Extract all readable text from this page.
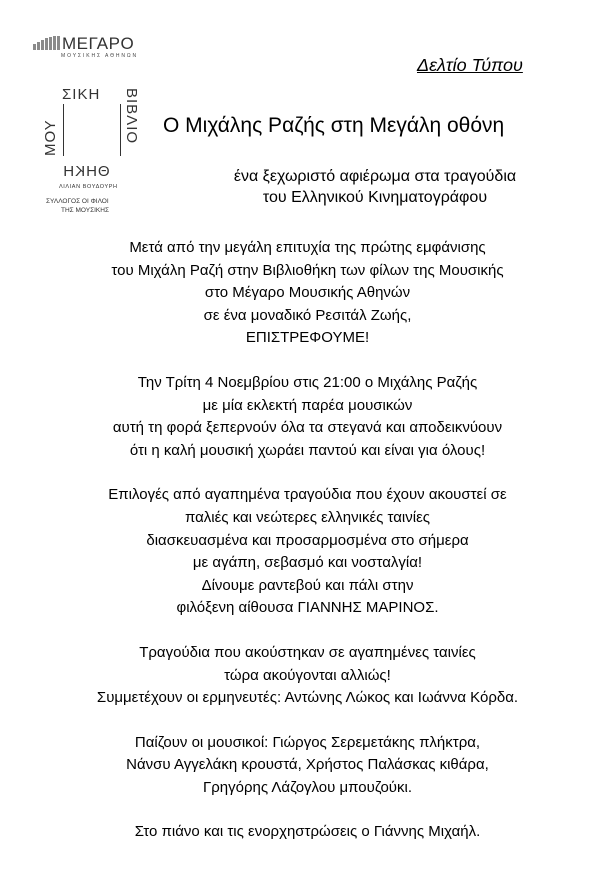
ΜΕΓΑΡΟ
ΜΟΥΣΙΚΗΣ ΑΘΗΝΩΝ
ΜΟΥ
ΣΙΚΗ ΒΙΒΛΙΟ
ΘΗΚΗ
ΛΙΛΙΑΝ ΒΟΥΔΟΥΡΗ
ΣΥΛΛΟΓΟΣ ΟΙ ΦΙΛΟΙ
ΤΗΣ ΜΟΥΣΙΚΗΣ
Δελτίο Τύπου
Ο Μιχάλης Ραζής στη Μεγάλη οθόνη
ένα ξεχωριστό αφιέρωμα στα τραγούδια
του Ελληνικού Κινηματογράφου

Μετά από την μεγάλη επιτυχία της πρώτης εμφάνισης
του Μιχάλη Ραζή στην Βιβλιοθήκη των φίλων της Μουσικής
στο Μέγαρο Μουσικής Αθηνών
σε ένα μοναδικό Ρεσιτάλ Ζωής,
ΕΠΙΣΤΡΕΦΟΥΜΕ!

Την Τρίτη 4 Νοεμβρίου στις 21:00 ο Μιχάλης Ραζής
με μία εκλεκτή παρέα μουσικών
αυτή τη φορά ξεπερνούν όλα τα στεγανά και αποδεικνύουν
ότι η καλή μουσική χωράει παντού και είναι για όλους!

Επιλογές από αγαπημένα τραγούδια που έχουν ακουστεί σε
παλιές και νεώτερες ελληνικές ταινίες
διασκευασμένα και προσαρμοσμένα στο σήμερα
με αγάπη, σεβασμό και νοσταλγία!
Δίνουμε ραντεβού και πάλι στην
φιλόξενη αίθουσα ΓΙΑΝΝΗΣ ΜΑΡΙΝΟΣ.

Τραγούδια που ακούστηκαν σε αγαπημένες ταινίες
τώρα ακούγονται αλλιώς!
Συμμετέχουν οι ερμηνευτές: Αντώνης Λώκος και Ιωάννα Κόρδα.

Παίζουν οι μουσικοί: Γιώργος Σερεμετάκης πλήκτρα,
Νάνσυ Αγγελάκη κρουστά, Χρήστος Παλάσκας κιθάρα,
Γρηγόρης Λάζογλου μπουζούκι.

Στο πιάνο και τις ενορχηστρώσεις ο Γιάννης Μιχαήλ.
